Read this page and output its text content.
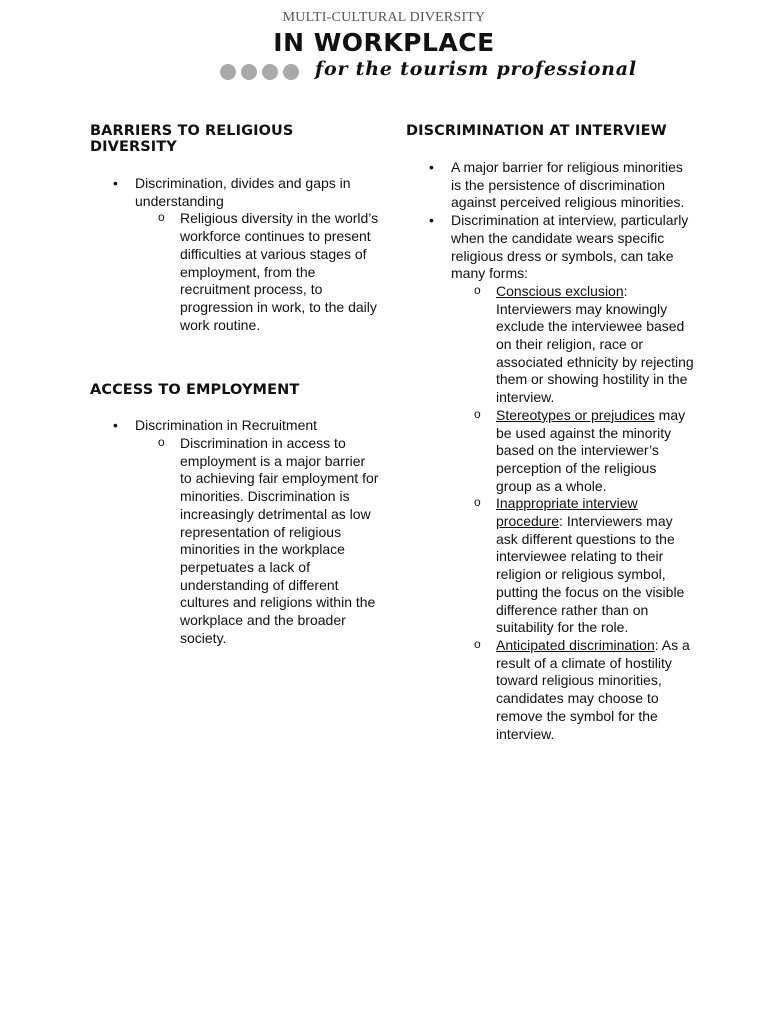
MULTI-CULTURAL DIVERSITY
IN WORKPLACE
for the tourism professional
BARRIERS TO RELIGIOUS DIVERSITY
• Discrimination, divides and gaps in understanding
o Religious diversity in the world’s workforce continues to present difficulties at various stages of employment, from the recruitment process, to progression in work, to the daily work routine.
ACCESS TO EMPLOYMENT
• Discrimination in Recruitment
o Discrimination in access to employment is a major barrier to achieving fair employment for minorities. Discrimination is increasingly detrimental as low representation of religious minorities in the workplace perpetuates a lack of understanding of different cultures and religions within the workplace and the broader society.
DISCRIMINATION AT INTERVIEW
• A major barrier for religious minorities is the persistence of discrimination against perceived religious minorities.
• Discrimination at interview, particularly when the candidate wears specific religious dress or symbols, can take many forms:
o Conscious exclusion: Interviewers may knowingly exclude the interviewee based on their religion, race or associated ethnicity by rejecting them or showing hostility in the interview.
o Stereotypes or prejudices may be used against the minority based on the interviewer’s perception of the religious group as a whole.
o Inappropriate interview procedure: Interviewers may ask different questions to the interviewee relating to their religion or religious symbol, putting the focus on the visible difference rather than on suitability for the role.
o Anticipated discrimination: As a result of a climate of hostility toward religious minorities, candidates may choose to remove the symbol for the interview.
